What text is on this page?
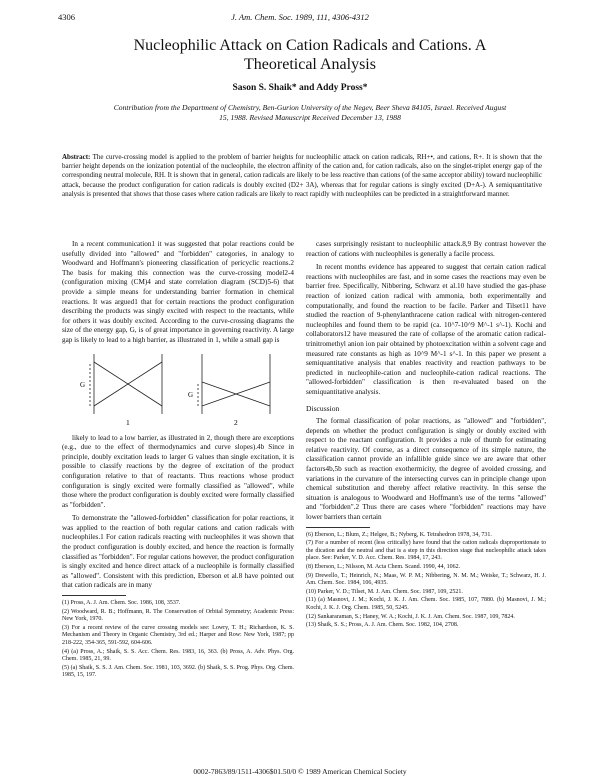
4306	J. Am. Chem. Soc. 1989, 111, 4306-4312
Nucleophilic Attack on Cation Radicals and Cations. A Theoretical Analysis
Sason S. Shaik* and Addy Pross*
Contribution from the Department of Chemistry, Ben-Gurion University of the Negev, Beer Sheva 84105, Israel. Received August 15, 1988. Revised Manuscript Received December 13, 1988
Abstract: The curve-crossing model is applied to the problem of barrier heights for nucleophilic attack on cation radicals, RH+•, and cations, R+. It is shown that the barrier height depends on the ionization potential of the nucleophile, the electron affinity of the cation and, for cation radicals, also on the singlet-triplet energy gap of the corresponding neutral molecule, RH. It is shown that in general, cation radicals are likely to be less reactive than cations (of the same acceptor ability) toward nucleophilic attack, because the product configuration for cation radicals is doubly excited (D2+ 3A), whereas that for regular cations is singly excited (D+A-). A semiquantitative analysis is presented that shows that those cases where cation radicals are likely to react rapidly with nucleophiles can be predicted in a straightforward manner.

In a recent communication1 it was suggested that polar reactions could be usefully divided into "allowed" and "forbidden" categories, in analogy to Woodward and Hoffmann's pioneering classification of pericyclic reactions.2 The basis for making this connection was the curve-crossing model2-4 (configuration mixing (CM)4 and state correlation diagram (SCD)5-6) that provide a simple means for understanding barrier formation in chemical reactions. It was argued1 that for certain reactions the product configuration describing the products was singly excited with respect to the reactants, while for others it was doubly excited. According to the curve-crossing diagrams the size of the energy gap, G, is of great importance in governing reactivity. A large gap is likely to lead to a high barrier, as illustrated in 1, while a small gap is

G
G
1	2

likely to lead to a low barrier, as illustrated in 2, though there are exceptions (e.g., due to the effect of thermodynamics and curve slopes).4b Since in principle, doubly excitation leads to larger G values than single excitation, it is possible to classify reactions by the degree of excitation of the product configuration relative to that of reactants. Thus reactions whose product configuration is singly excited were formally classified as "allowed", while those where the product configuration is doubly excited were formally classified as "forbidden".

To demonstrate the "allowed-forbidden" classification for polar reactions, it was applied to the reaction of both regular cations and cation radicals with nucleophiles.1 For cation radicals reacting with nucleophiles it was shown that the product configuration is doubly excited, and hence the reaction is formally classified as "forbidden". For regular cations however, the product configuration is singly excited and hence direct attack of a nucleophile is formally classified as "allowed". Consistent with this prediction, Eberson et al.8 have pointed out that cation radicals are in many

(1) Pross, A. J. Am. Chem. Soc. 1986, 108, 3537.
(2) Woodward, R. B.; Hoffmann, R. The Conservation of Orbital Symmetry; Academic Press: New York, 1970.
(3) For a recent review of the curve crossing models see: Lowry, T. H.; Richardson, K. S. Mechanism and Theory in Organic Chemistry, 3rd ed.; Harper and Row: New York, 1987; pp 218-222, 354-365, 591-592, 604-606.
(4) (a) Pross, A.; Shaik, S. S. Acc. Chem. Res. 1983, 16, 363. (b) Pross, A. Adv. Phys. Org. Chem. 1985, 21, 99.
(5) (a) Shaik, S. S. J. Am. Chem. Soc. 1981, 103, 3692. (b) Shaik, S. S. Prog. Phys. Org. Chem. 1985, 15, 197.

cases surprisingly resistant to nucleophilic attack.8,9 By contrast however the reaction of cations with nucleophiles is generally a facile process.

In recent months evidence has appeared to suggest that certain cation radical reactions with nucleophiles are fast, and in some cases the reactions may even be barrier free. Specifically, Nibbering, Schwarz et al.10 have studied the gas-phase reaction of ionized cation radical with ammonia, both experimentally and computationally, and found the reaction to be facile. Parker and Tilset11 have studied the reaction of 9-phenylanthracene cation radical with nitrogen-centered nucleophiles and found them to be rapid (ca. 10^7-10^9 M^-1 s^-1). Kochi and collaborators12 have measured the rate of collapse of the aromatic cation radical-trinitromethyl anion ion pair obtained by photoexcitation within a solvent cage and measured rate constants as high as 10^9 M^-1 s^-1. In this paper we present a semiquantitative analysis that enables reactivity and reaction pathways to be predicted in nucleophile-cation and nucleophile-cation radical reactions. The "allowed-forbidden" classification is then re-evaluated based on the semiquantitative analysis.

Discussion

The formal classification of polar reactions, as "allowed" and "forbidden", depends on whether the product configuration is singly or doubly excited with respect to the reactant configuration. It provides a rule of thumb for estimating relative reactivity. Of course, as a direct consequence of its simple nature, the classification cannot provide an infallible guide since we are aware that other factors4b,5b such as reaction exothermicity, the degree of avoided crossing, and variations in the curvature of the intersecting curves can in principle change upon chemical substitution and thereby affect relative reactivity. In this sense the situation is analogous to Woodward and Hoffmann's use of the terms "allowed" and "forbidden".2 Thus there are cases where "forbidden" reactions may have lower barriers than certain

(6) Eberson, L.; Blum, Z.; Helgee, B.; Nyberg, K. Tetrahedron 1978, 34, 731.
(7) For a number of recent (less critically) have found that the cation radicals disproportionate to the dication and the neutral and that is a step in this direction stage that nucleophilic attack takes place. See: Parker, V. D. Acc. Chem. Res. 1984, 17, 243.
(8) Eberson, L.; Nilsson, M. Acta Chem. Scand. 1990, 44, 1062.
(9) Drewello, T.; Heinrich, N.; Maas, W. P. M.; Nibbering, N. M. M.; Weiske, T.; Schwarz, H. J. Am. Chem. Soc. 1984, 106, 4935.
(10) Parker, V. D.; Tilset, M. J. Am. Chem. Soc. 1987, 109, 2521.
(11) (a) Masnovi, J. M.; Kochi, J. K. J. Am. Chem. Soc. 1985, 107, 7880. (b) Masnovi, J. M.; Kochi, J. K. J. Org. Chem. 1985, 50, 5245.
(12) Sankararaman, S.; Haney, W. A.; Kochi, J. K. J. Am. Chem. Soc. 1987, 109, 7824.
(13) Shaik, S. S.; Pross, A. J. Am. Chem. Soc. 1982, 104, 2708.
0002-7863/89/1511-4306$01.50/0 © 1989 American Chemical Society
